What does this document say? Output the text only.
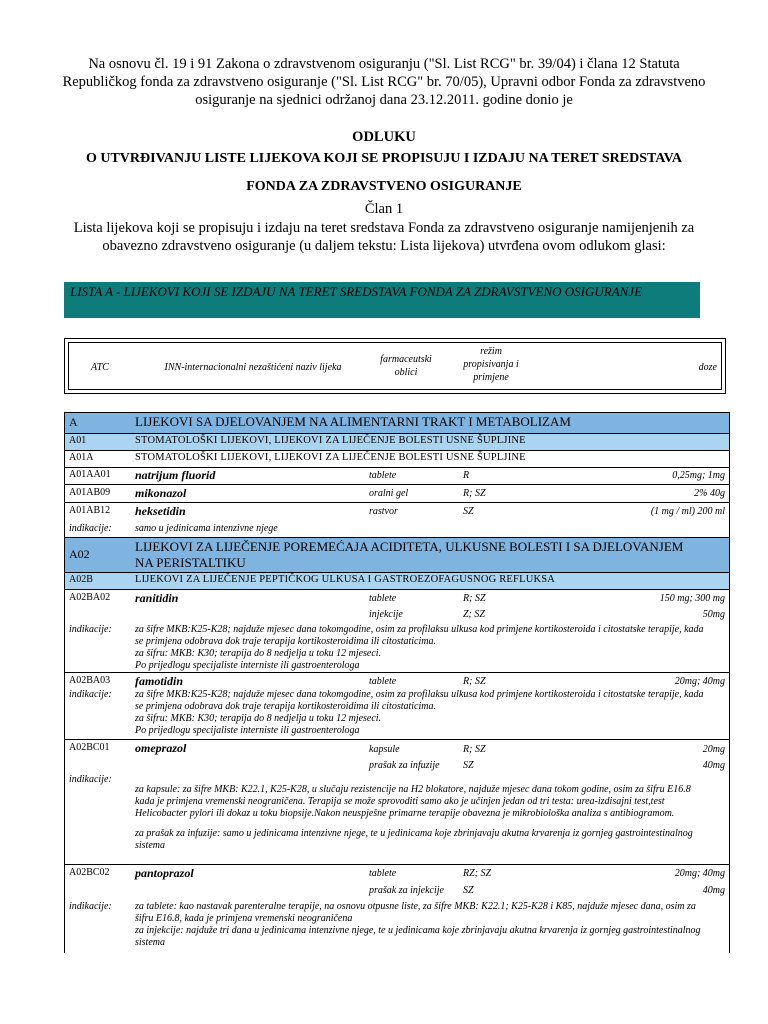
Na osnovu čl. 19 i 91 Zakona o zdravstvenom osiguranju ("Sl. List RCG" br. 39/04) i člana 12 Statuta Republičkog fonda za zdravstveno osiguranje ("Sl. List RCG" br. 70/05), Upravni odbor Fonda za zdravstveno osiguranje na sjednici održanoj dana 23.12.2011. godine donio je
ODLUKU
O UTVRĐIVANJU LISTE LIJEKOVA KOJI SE PROPISUJU I IZDAJU NA TERET SREDSTAVA
FONDA ZA ZDRAVSTVENO OSIGURANJE
Član 1
Lista lijekova koji se propisuju i izdaju na teret sredstava Fonda za zdravstveno osiguranje namijenjenih za obavezno zdravstveno osiguranje (u daljem tekstu: Lista lijekova) utvrđena ovom odlukom glasi:
LISTA A - LIJEKOVI KOJI SE IZDAJU NA TERET SREDSTAVA FONDA ZA ZDRAVSTVENO OSIGURANJE
ATC	INN-internacionalni nezaštićeni naziv lijeka
farmaceutski oblici
režim propisivanja i primjene
doze
A	LIJEKOVI SA DJELOVANJEM NA ALIMENTARNI TRAKT I METABOLIZAM
A01	STOMATOLOŠKI LIJEKOVI, LIJEKOVI ZA LIJEČENJE BOLESTI USNE ŠUPLJINE
A01A	STOMATOLOŠKI LIJEKOVI, LIJEKOVI ZA LIJEČENJE BOLESTI USNE ŠUPLJINE
A01AA01 natrijum fluorid	tablete	R	0,25mg; 1mg
A01AB09 mikonazol	oralni gel	R; SZ	2% 40g
A01AB12 heksetidin	rastvor	SZ	(1 mg / ml) 200 ml
indikacije: samo u jedinicama intenzivne njege
A02	LIJEKOVI ZA LIJEČENJE POREMEĆAJA ACIDITETA, ULKUSNE BOLESTI I SA DJELOVANJEM NA PERISTALTIKU
A02B	LIJEKOVI ZA LIJEČENJE PEPTIČKOG ULKUSA I GASTROEZOFAGUSNOG REFLUKSA
A02BA02 ranitidin	tablete	R; SZ	150 mg; 300 mg
injekcije	Z; SZ	50mg
indikacije: za šifre MKB:K25-K28; najduže mjesec dana tokomgodine, osim za profilaksu ulkusa kod primjene kortikosteroida i citostatske terapije, kada se primjena odobrava dok traje terapija kortikosteroidima ili citostaticima.
za šifru: MKB: K30; terapija do 8 nedjelja u toku 12 mjeseci.
Po prijedlogu specijaliste interniste ili gastroenterologa
A02BA03 famotidin	tablete	R; SZ	20mg; 40mg
indikacije: za šifre MKB:K25-K28; najduže mjesec dana tokomgodine, osim za profilaksu ulkusa kod primjene kortikosteroida i citostatske terapije, kada se primjena odobrava dok traje terapija kortikosteroidima ili citostaticima.
za šifru: MKB: K30; terapija do 8 nedjelja u toku 12 mjeseci.
Po prijedlogu specijaliste interniste ili gastroenterologa
A02BC01 omeprazol	kapsule	R; SZ	20mg
prašak za infuzije SZ	40mg
indikacije:
za kapsule: za šifre MKB: K22.1, K25-K28, u slučaju rezistencije na H2 blokatore, najduže mjesec dana tokom godine, osim za šifru E16.8 kada je primjena vremenski neograničena. Terapija se može sprovoditi samo ako je učinjen jedan od tri testa: urea-izdisajni test,test Helicobacter pylori ili dokaz u toku biopsije.Nakon neuspješne primarne terapije obavezna je mikrobiološka analiza s antibiogramom.
za prašak za infuzije: samo u jedinicama intenzivne njege, te u jedinicama koje zbrinjavaju akutna krvarenja iz gornjeg gastrointestinalnog sistema
A02BC02 pantoprazol	tablete	RZ; SZ	20mg; 40mg
prašak za injekcije SZ	40mg
indikacije: za tablete: kao nastavak parenteralne terapije, na osnovu otpusne liste, za šifre MKB: K22.1; K25-K28 i K85, najduže mjesec dana, osim za šifru E16.8, kada je primjena vremenski neograničena
za injekcije: najduže tri dana u jedinicama intenzivne njege, te u jedinicama koje zbrinjavaju akutna krvarenja iz gornjeg gastrointestinalnog sistema
